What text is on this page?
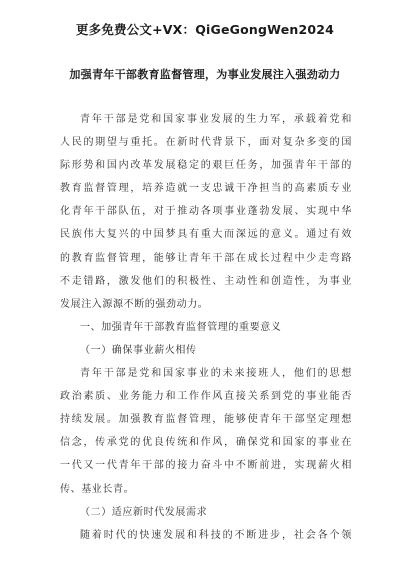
更多免费公文+VX：QiGeGongWen2024
加强青年干部教育监督管理，为事业发展注入强劲动力
青年干部是党和国家事业发展的生力军，承载着党和
人民的期望与重托。在新时代背景下，面对复杂多变的国
际形势和国内改革发展稳定的艰巨任务，加强青年干部的
教育监督管理，培养造就一支忠诚干净担当的高素质专业
化青年干部队伍，对于推动各项事业蓬勃发展、实现中华
民族伟大复兴的中国梦具有重大而深远的意义。通过有效
的教育监督管理，能够让青年干部在成长过程中少走弯路
不走错路，激发他们的积极性、主动性和创造性，为事业
发展注入源源不断的强劲动力。
一、加强青年干部教育监督管理的重要意义
（一）确保事业薪火相传
青年干部是党和国家事业的未来接班人，他们的思想
政治素质、业务能力和工作作风直接关系到党的事业能否
持续发展。加强教育监督管理，能够使青年干部坚定理想
信念，传承党的优良传统和作风，确保党和国家的事业在
一代又一代青年干部的接力奋斗中不断前进，实现薪火相
传、基业长青。
（二）适应新时代发展需求
随着时代的快速发展和科技的不断进步，社会各个领
